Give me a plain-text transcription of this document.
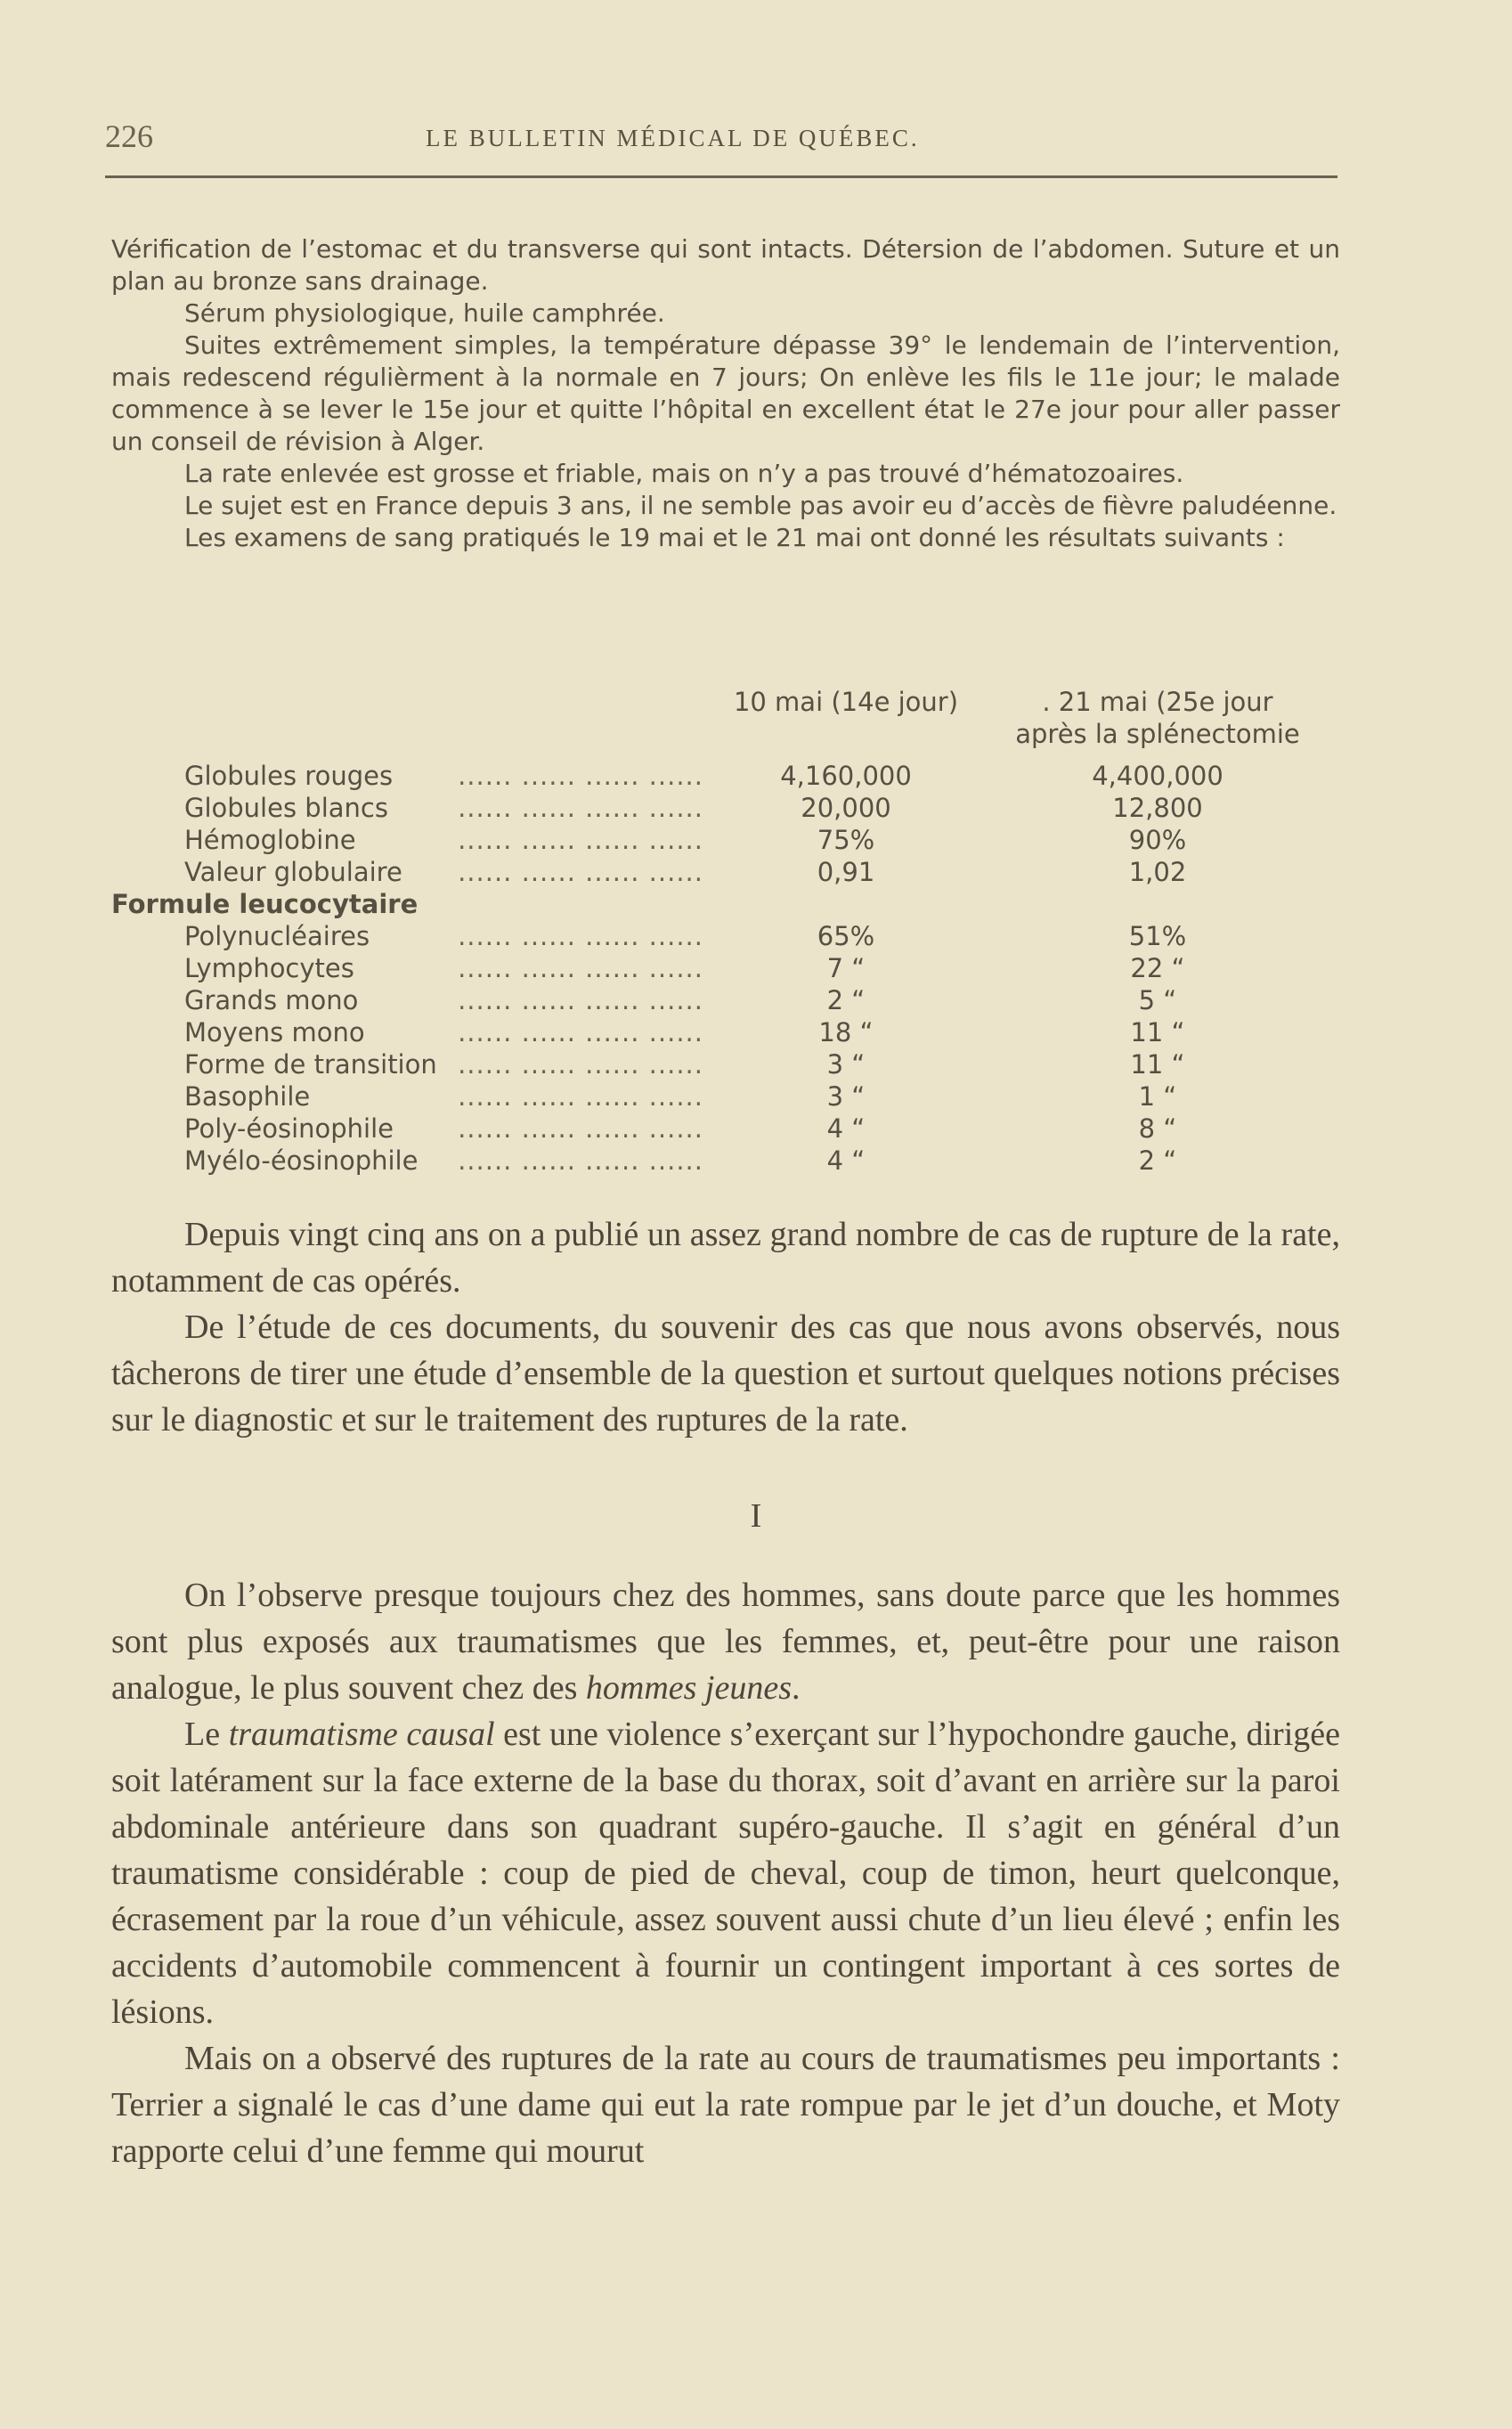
226	LE BULLETIN MÉDICAL DE QUÉBEC.

Vérification de l’estomac et du transverse qui sont intacts. Détersion de l’abdomen. Suture et un plan au bronze sans drainage.

Sérum physiologique, huile camphrée.

Suites extrêmement simples, la température dépasse 39° le lendemain de l’intervention, mais redescend régulièrment à la normale en 7 jours; On enlève les fils le 11e jour; le malade commence à se lever le 15e jour et quitte l’hôpital en excellent état le 27e jour pour aller passer un conseil de révision à Alger.

La rate enlevée est grosse et friable, mais on n’y a pas trouvé d’hématozoaires.

Le sujet est en France depuis 3 ans, il ne semble pas avoir eu d’accès de fièvre paludéenne.

Les examens de sang pratiqués le 19 mai et le 21 mai ont donné les résultats suivants :

10 mai (14e jour)	. 21 mai (25e jour
après la splénectomie
...... ...... ...... ......
Globules rouges	4,160,000	4,400,000
...... ...... ...... ......
Globules blancs	20,000	12,800
...... ...... ...... ......
Hémoglobine	75%	90%
...... ...... ...... ......
Valeur globulaire	0,91	1,02
Formule leucocytaire
...... ...... ...... ......
Polynucléaires	65%	51%
...... ...... ...... ......
Lymphocytes	7 “	22 “
...... ...... ...... ......
Grands mono	2 “	5 “
...... ...... ...... ......
Moyens mono	18 “	11 “
...... ...... ...... ......
Forme de transition	3 “	11 “
...... ...... ...... ......
Basophile	3 “	1 “
...... ...... ...... ......
Poly-éosinophile	4 “	8 “
...... ...... ...... ......
Myélo-éosinophile	4 “	2 “

Depuis vingt cinq ans on a publié un assez grand nombre de cas de rupture de la rate, notamment de cas opérés.

De l’étude de ces documents, du souvenir des cas que nous avons observés, nous tâcherons de tirer une étude d’ensemble de la question et surtout quelques notions précises sur le diagnostic et sur le traitement des ruptures de la rate.

I

On l’observe presque toujours chez des hommes, sans doute parce que les hommes sont plus exposés aux traumatismes que les femmes, et, peut-être pour une raison analogue, le plus souvent chez des hommes jeunes.

Le traumatisme causal est une violence s’exerçant sur l’hypochondre gauche, dirigée soit latérament sur la face externe de la base du thorax, soit d’avant en arrière sur la paroi abdominale antérieure dans son quadrant supéro-gauche. Il s’agit en général d’un traumatisme considérable : coup de pied de cheval, coup de timon, heurt quelconque, écrasement par la roue d’un véhicule, assez souvent aussi chute d’un lieu élevé ; enfin les accidents d’automobile commencent à fournir un contingent important à ces sortes de lésions.

Mais on a observé des ruptures de la rate au cours de traumatismes peu importants : Terrier a signalé le cas d’une dame qui eut la rate rompue par le jet d’un douche, et Moty rapporte celui d’une femme qui mourut
